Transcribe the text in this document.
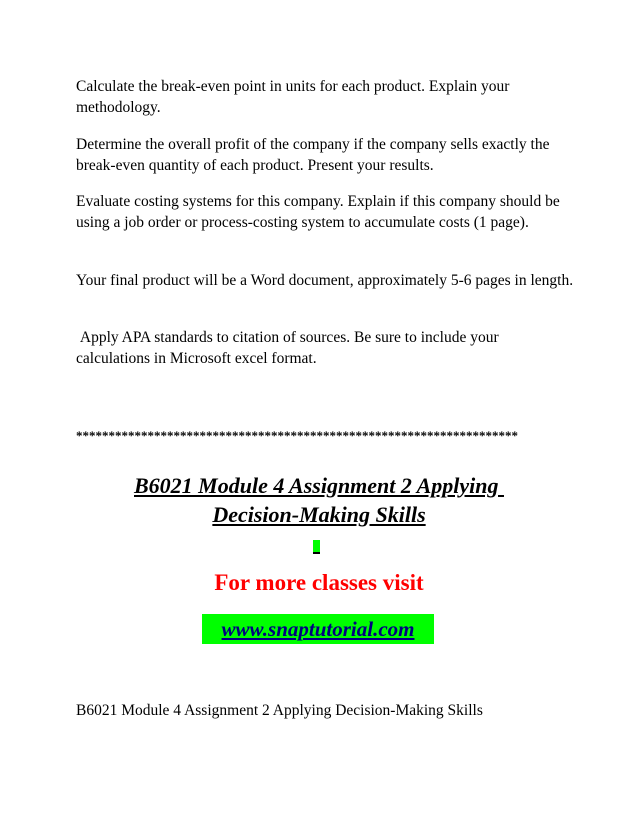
Calculate the break-even point in units for each product. Explain your methodology.

Determine the overall profit of the company if the company sells exactly the break-even quantity of each product. Present your results.

Evaluate costing systems for this company. Explain if this company should be using a job order or process-costing system to accumulate costs (1 page).

Your final product will be a Word document, approximately 5-6 pages in length.

Apply APA standards to citation of sources. Be sure to include your calculations in Microsoft excel format.

********************************************************************

B6021 Module 4 Assignment 2 Applying

Decision-Making Skills

For more classes visit

www.snaptutorial.com

B6021 Module 4 Assignment 2 Applying Decision-Making Skills
